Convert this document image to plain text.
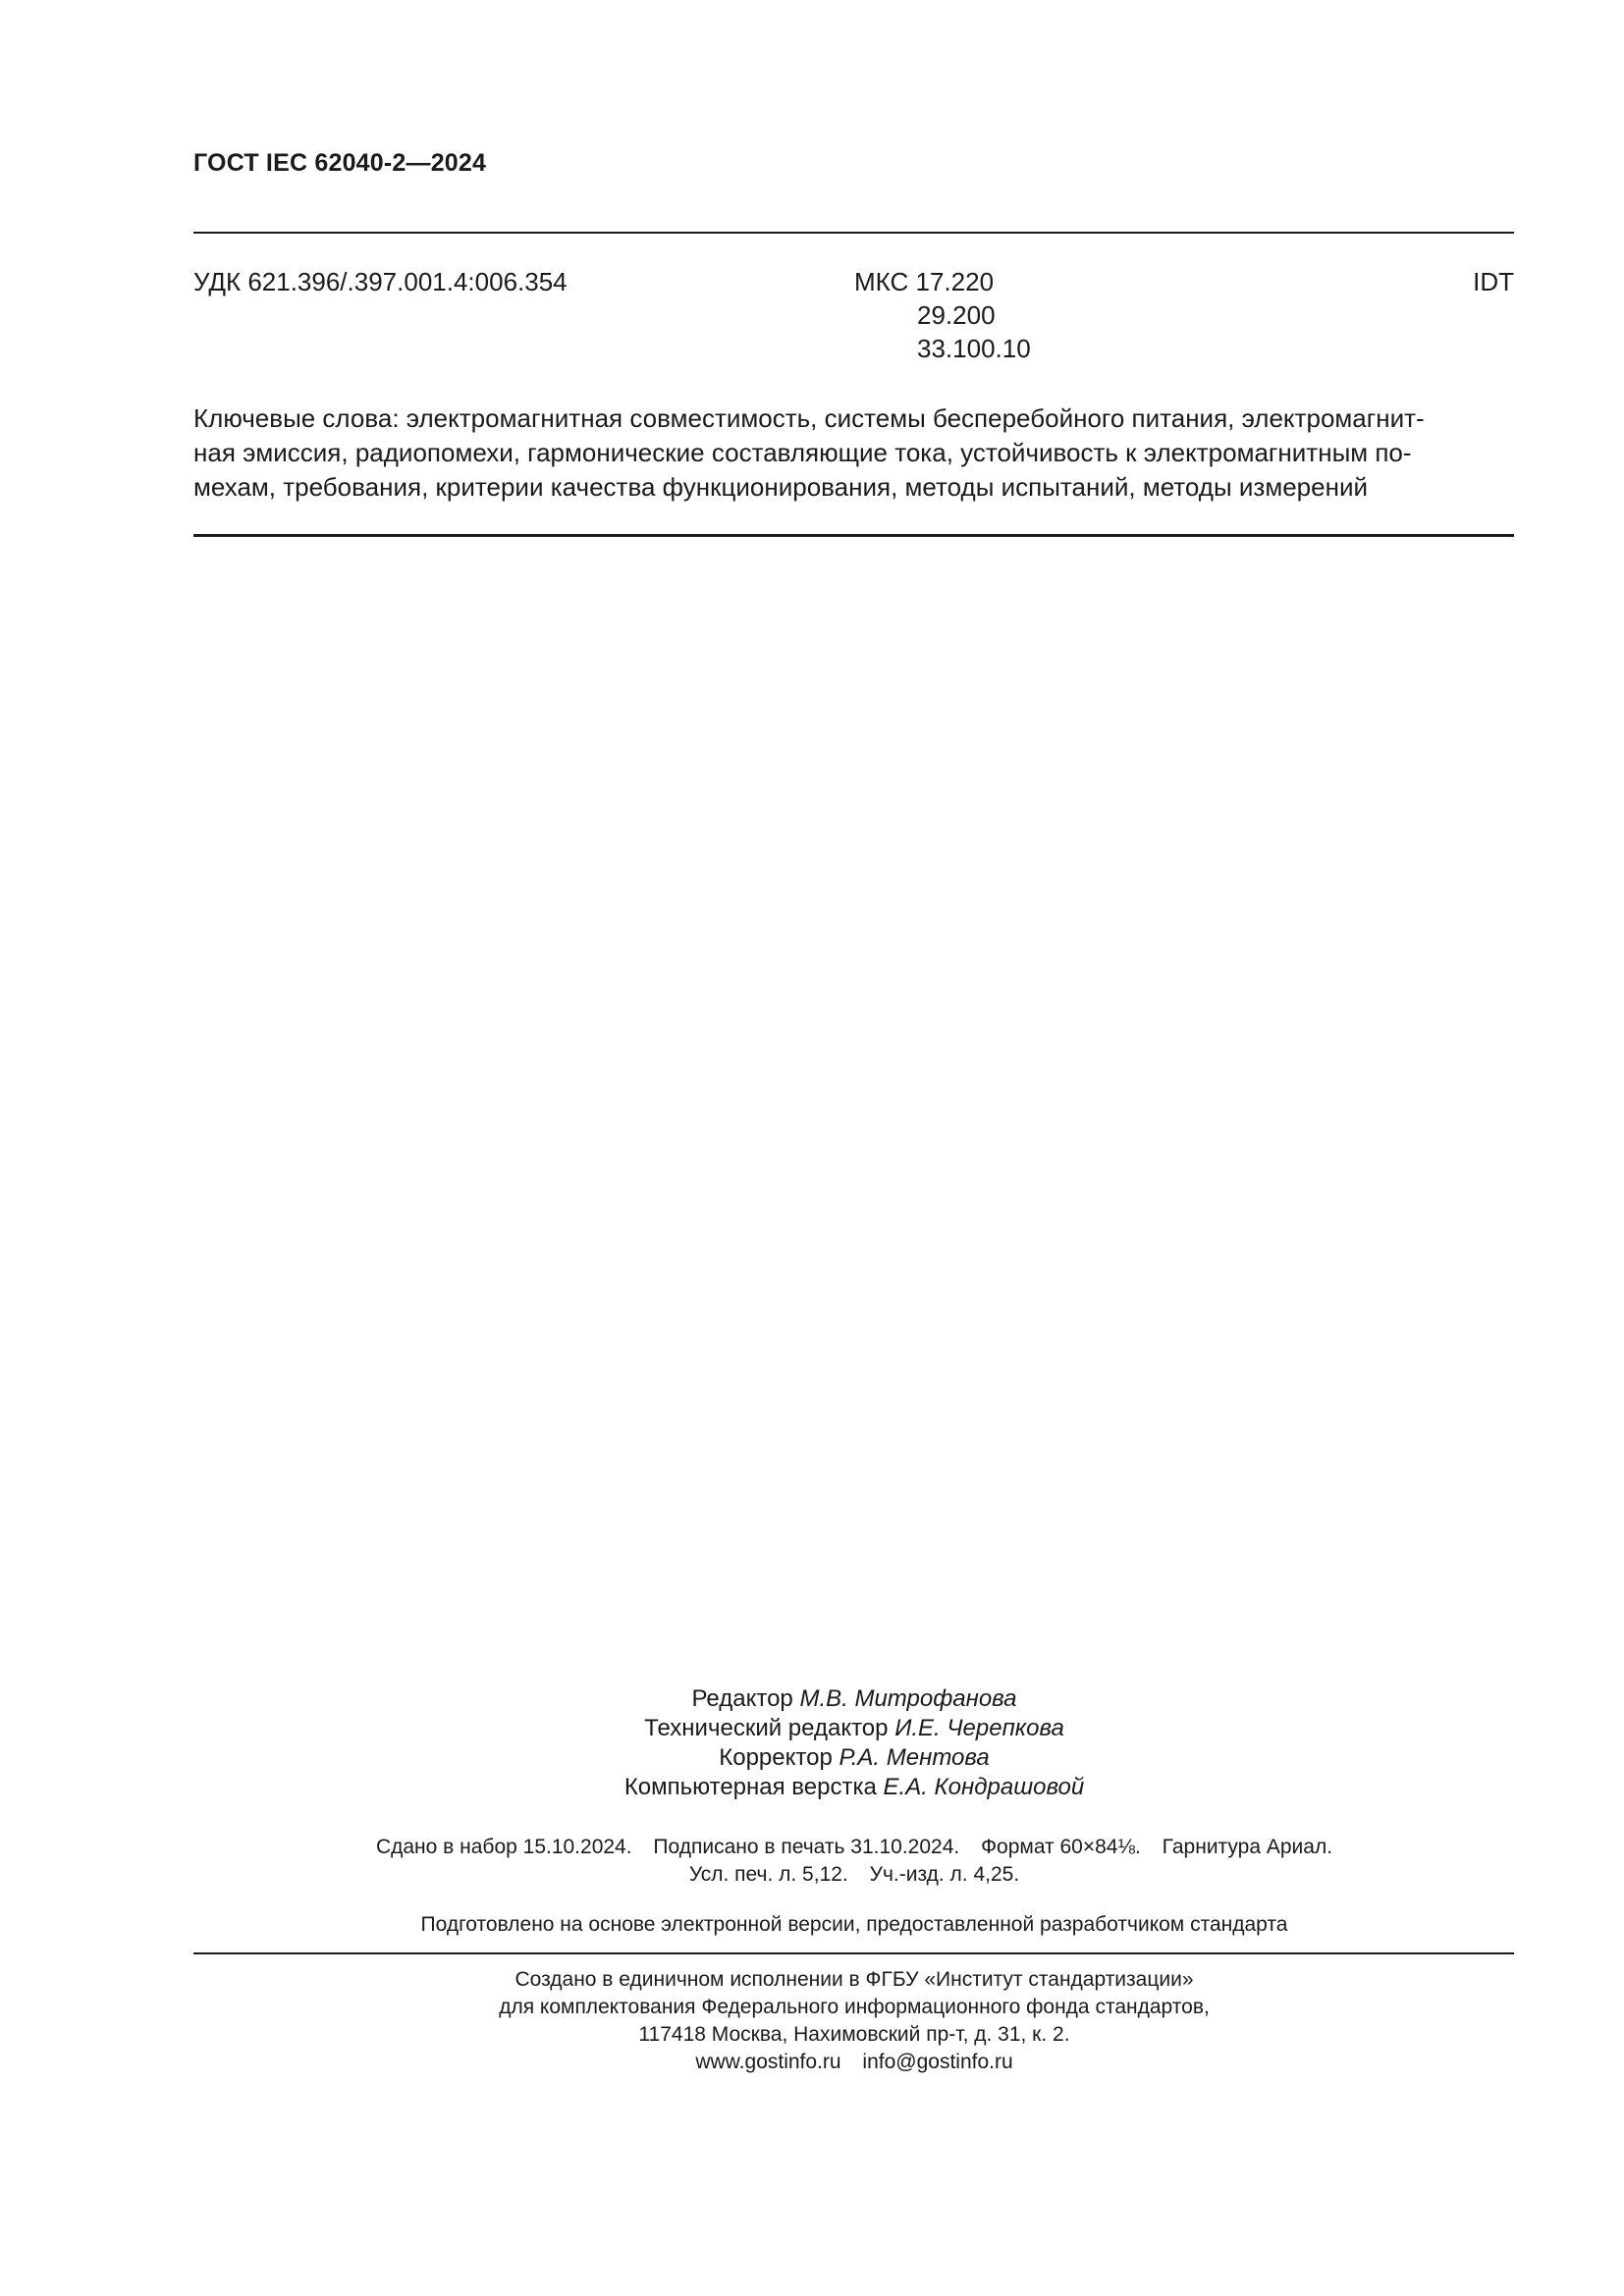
ГОСТ IEC 62040-2—2024
УДК 621.396/.397.001.4:006.354	МКС 17.220
29.200
33.100.10
IDT

Ключевые слова: электромагнитная совместимость, системы бесперебойного питания, электромагнит-

ная эмиссия, радиопомехи, гармонические составляющие тока, устойчивость к электромагнитным по-

мехам, требования, критерии качества функционирования, методы испытаний, методы измерений

Редактор М.В. Митрофанова
Технический редактор И.Е. Черепкова
Корректор Р.А. Ментова
Компьютерная верстка Е.А. Кондрашовой
Сдано в набор 15.10.2024. Подписано в печать 31.10.2024. Формат 60×84⅛. Гарнитура Ариал.
Усл. печ. л. 5,12. Уч.-изд. л. 4,25.
Подготовлено на основе электронной версии, предоставленной разработчиком стандарта
Создано в единичном исполнении в ФГБУ «Институт стандартизации»
для комплектования Федерального информационного фонда стандартов,
117418 Москва, Нахимовский пр-т, д. 31, к. 2.
www.gostinfo.ru info@gostinfo.ru
